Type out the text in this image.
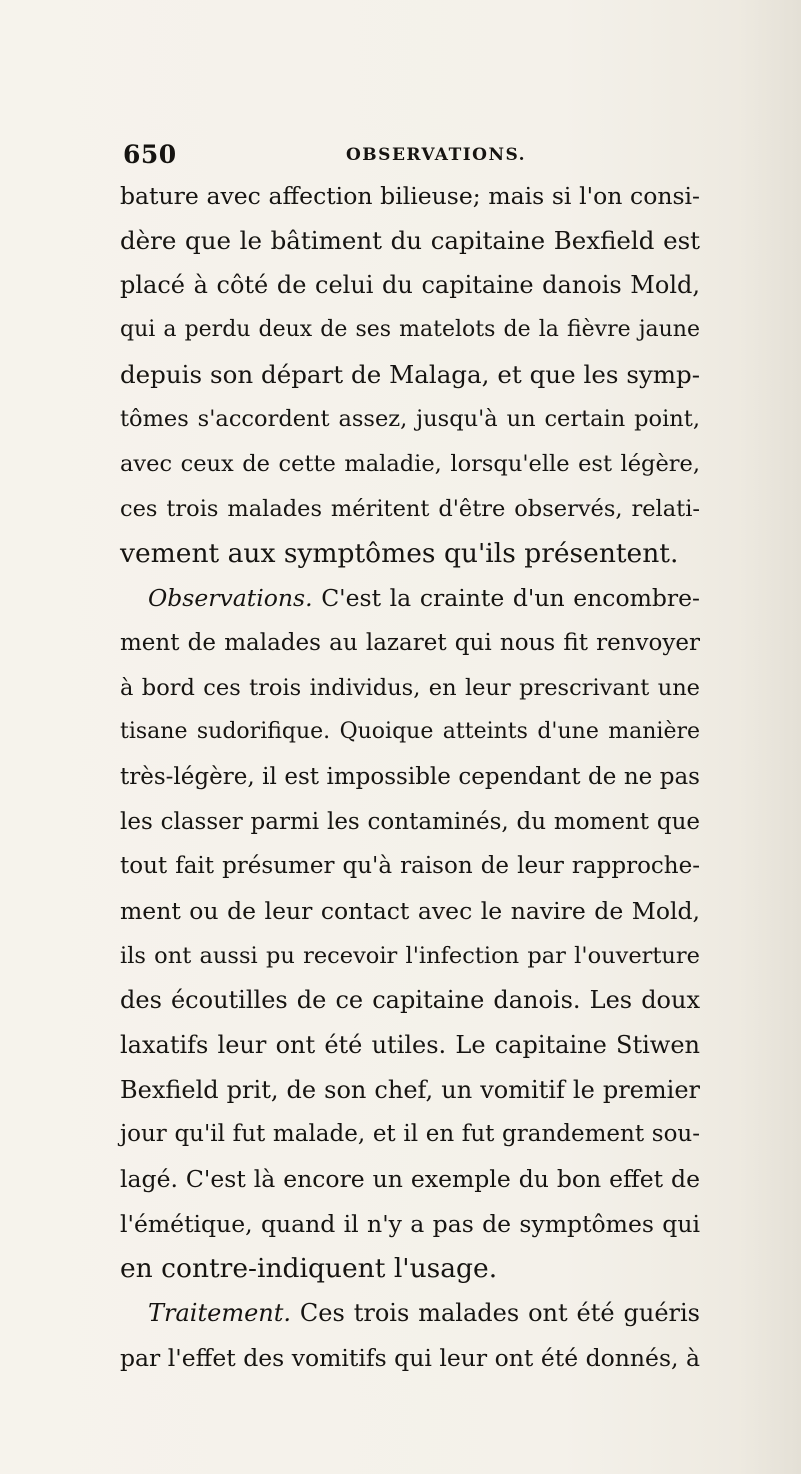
650	OBSERVATIONS.
bature avec affection bilieuse; mais si l'on consi-
dère que le bâtiment du capitaine Bexfield est
placé à côté de celui du capitaine danois Mold,
qui a perdu deux de ses matelots de la fièvre jaune
depuis son départ de Malaga, et que les symp-
tômes s'accordent assez, jusqu'à un certain point,
avec ceux de cette maladie, lorsqu'elle est légère,
ces trois malades méritent d'être observés, relati-
vement aux symptômes qu'ils présentent.
Observations. C'est la crainte d'un encombre-
ment de malades au lazaret qui nous fit renvoyer
à bord ces trois individus, en leur prescrivant une
tisane sudorifique. Quoique atteints d'une manière
très-légère, il est impossible cependant de ne pas
les classer parmi les contaminés, du moment que
tout fait présumer qu'à raison de leur rapproche-
ment ou de leur contact avec le navire de Mold,
ils ont aussi pu recevoir l'infection par l'ouverture
des écoutilles de ce capitaine danois. Les doux
laxatifs leur ont été utiles. Le capitaine Stiwen
Bexfield prit, de son chef, un vomitif le premier
jour qu'il fut malade, et il en fut grandement sou-
lagé. C'est là encore un exemple du bon effet de
l'émétique, quand il n'y a pas de symptômes qui
en contre-indiquent l'usage.
Traitement. Ces trois malades ont été guéris
par l'effet des vomitifs qui leur ont été donnés, à
